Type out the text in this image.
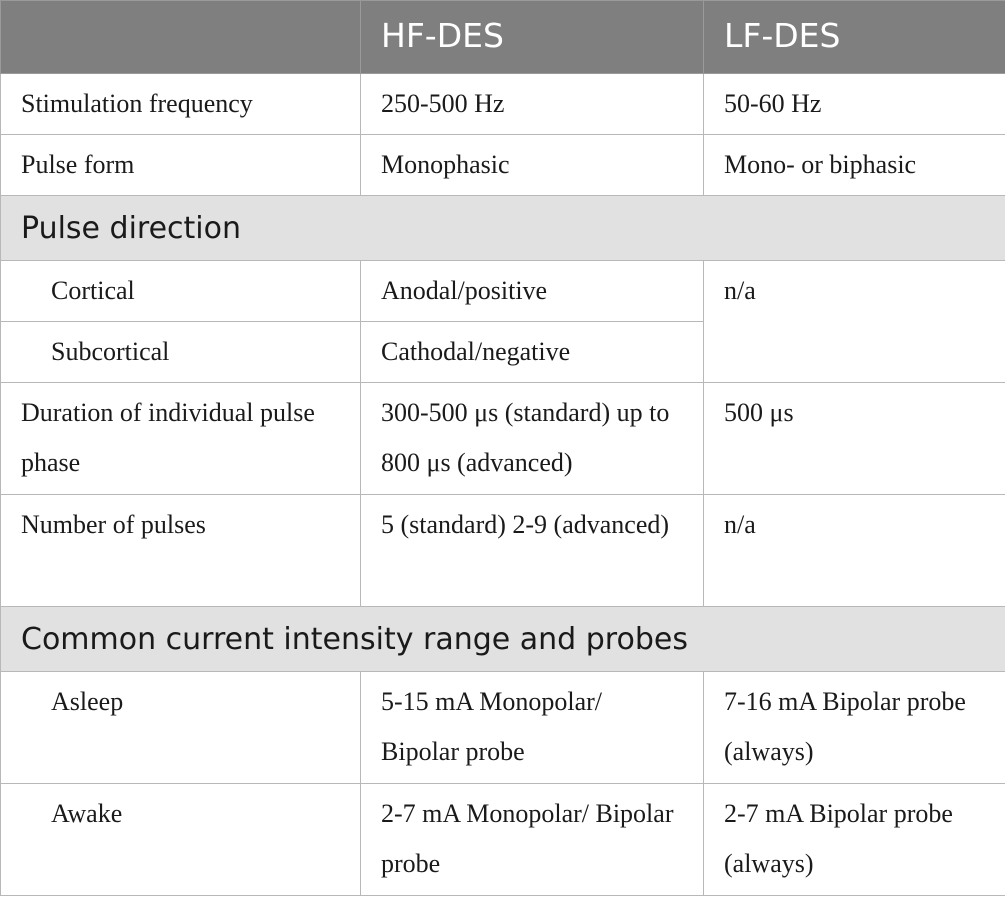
	HF-DES	LF-DES
Stimulation frequency	250-500 Hz	50-60 Hz
Pulse form	Monophasic	Mono- or biphasic
Pulse direction		
Cortical	Anodal/positive	n/a
Subcortical	Cathodal/negative	
Duration of individual pulse phase	300-500 μs (standard) up to 800 μs (advanced)	500 μs
Number of pulses	5 (standard) 2-9 (advanced)	n/a
Common current intensity range and probes		
Asleep	5-15 mA Monopolar/ Bipolar probe	7-16 mA Bipolar probe (always)
Awake	2-7 mA Monopolar/ Bipolar probe	2-7 mA Bipolar probe (always)
